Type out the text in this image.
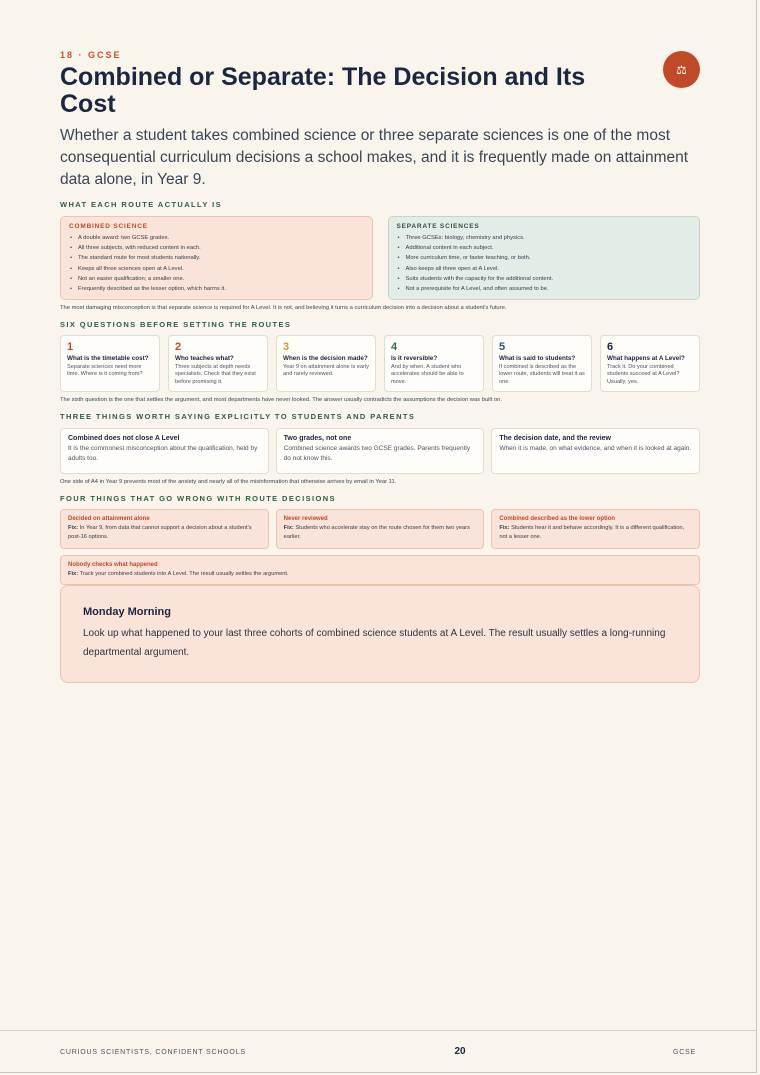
⚖
18 · GCSE
Combined or Separate: The Decision and Its Cost

Whether a student takes combined science or three separate sciences is one of the most consequential curriculum decisions a school makes, and it is frequently made on attainment data alone, in Year 9.

WHAT EACH ROUTE ACTUALLY IS
COMBINED SCIENCE
• A double award: two GCSE grades.
• All three subjects, with reduced content in each.
• The standard route for most students nationally.
• Keeps all three sciences open at A Level.
• Not an easier qualification; a smaller one.
• Frequently described as the lesser option, which harms it.
SEPARATE SCIENCES
• Three GCSEs: biology, chemistry and physics.
• Additional content in each subject.
• More curriculum time, or faster teaching, or both.
• Also keeps all three open at A Level.
• Suits students with the capacity for the additional content.
• Not a prerequisite for A Level, and often assumed to be.

The most damaging misconception is that separate science is required for A Level. It is not, and believing it turns a curriculum decision into a decision about a student's future.

SIX QUESTIONS BEFORE SETTING THE ROUTES
1
What is the timetable cost?
Separate sciences need more time. Where is it coming from?
2
Who teaches what?
Three subjects at depth needs specialists. Check that they exist before promising it.
3
When is the decision made?
Year 9 on attainment alone is early and rarely reviewed.
4
Is it reversible?
And by when. A student who accelerates should be able to move.
5
What is said to students?
If combined is described as the lower route, students will treat it as one.
6
What happens at A Level?
Track it. Do your combined students succeed at A Level? Usually, yes.

The sixth question is the one that settles the argument, and most departments have never looked. The answer usually contradicts the assumptions the decision was built on.

THREE THINGS WORTH SAYING EXPLICITLY TO STUDENTS AND PARENTS
Combined does not close A Level
It is the commonest misconception about the qualification, held by adults too.
Two grades, not one
Combined science awards two GCSE grades. Parents frequently do not know this.
The decision date, and the review
When it is made, on what evidence, and when it is looked at again.

One side of A4 in Year 9 prevents most of the anxiety and nearly all of the misinformation that otherwise arrives by email in Year 11.

FOUR THINGS THAT GO WRONG WITH ROUTE DECISIONS
Decided on attainment alone
Fix: In Year 9, from data that cannot support a decision about a student's post-16 options.
Never reviewed
Fix: Students who accelerate stay on the route chosen for them two years earlier.
Combined described as the lower option
Fix: Students hear it and behave accordingly. It is a different qualification, not a lesser one.
Nobody checks what happened
Fix: Track your combined students into A Level. The result usually settles the argument.
Monday Morning

Look up what happened to your last three cohorts of combined science students at A Level. The result usually settles a long-running departmental argument.

CURIOUS SCIENTISTS, CONFIDENT SCHOOLS	20	GCSE
